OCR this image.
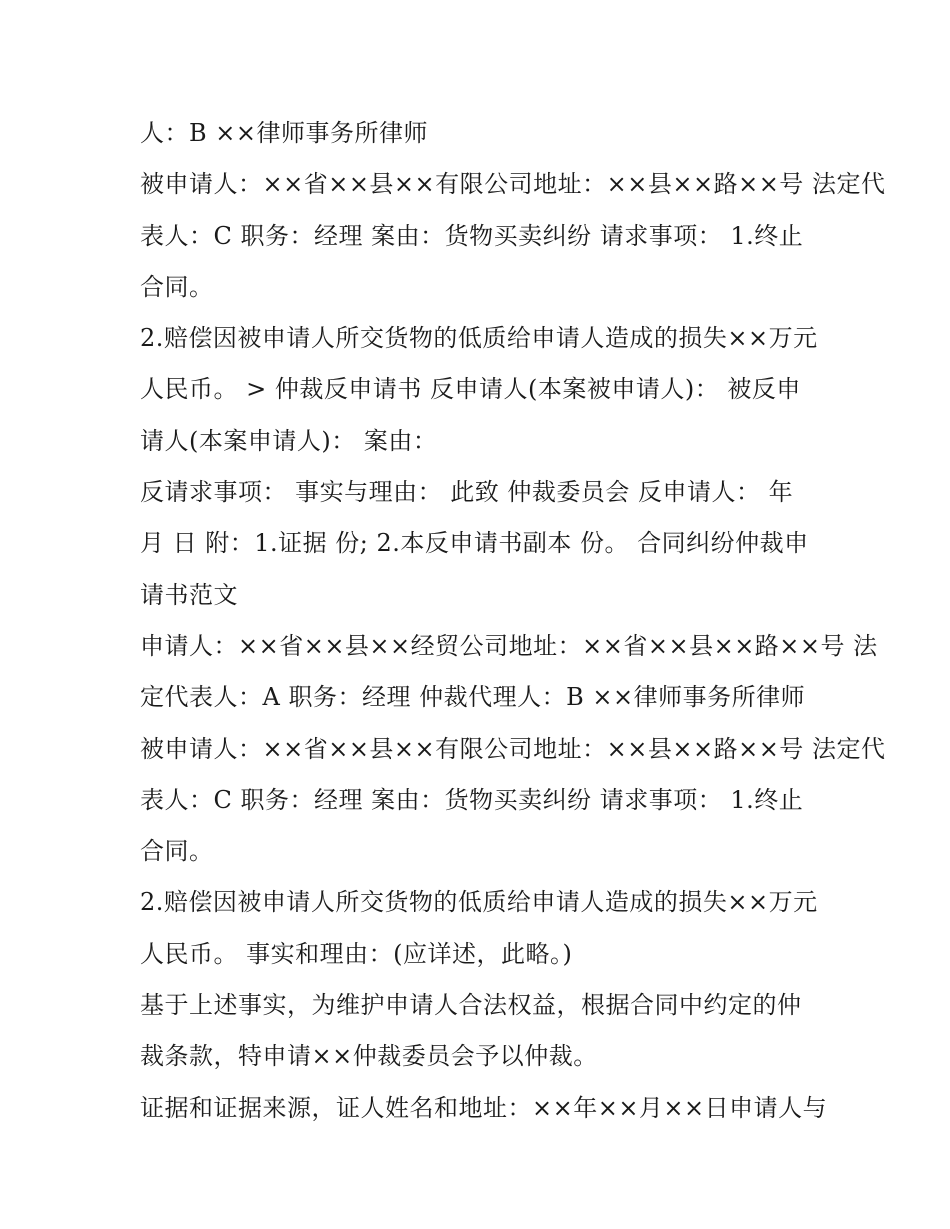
人：B ××律师事务所律师
被申请人：××省××县××有限公司地址：××县××路××号 法定代
表人：C 职务：经理 案由：货物买卖纠纷 请求事项： 1.终止
合同。
2.赔偿因被申请人所交货物的低质给申请人造成的损失××万元
人民币。 > 仲裁反申请书 反申请人(本案被申请人)： 被反申
请人(本案申请人)： 案由：
反请求事项： 事实与理由： 此致 仲裁委员会 反申请人： 年
月 日 附：1.证据 份; 2.本反申请书副本 份。 合同纠纷仲裁申
请书范文
申请人：××省××县××经贸公司地址：××省××县××路××号 法
定代表人：A 职务：经理 仲裁代理人：B ××律师事务所律师
被申请人：××省××县××有限公司地址：××县××路××号 法定代
表人：C 职务：经理 案由：货物买卖纠纷 请求事项： 1.终止
合同。
2.赔偿因被申请人所交货物的低质给申请人造成的损失××万元
人民币。 事实和理由：(应详述，此略。)
基于上述事实，为维护申请人合法权益，根据合同中约定的仲
裁条款，特申请××仲裁委员会予以仲裁。
证据和证据来源，证人姓名和地址：××年××月××日申请人与
